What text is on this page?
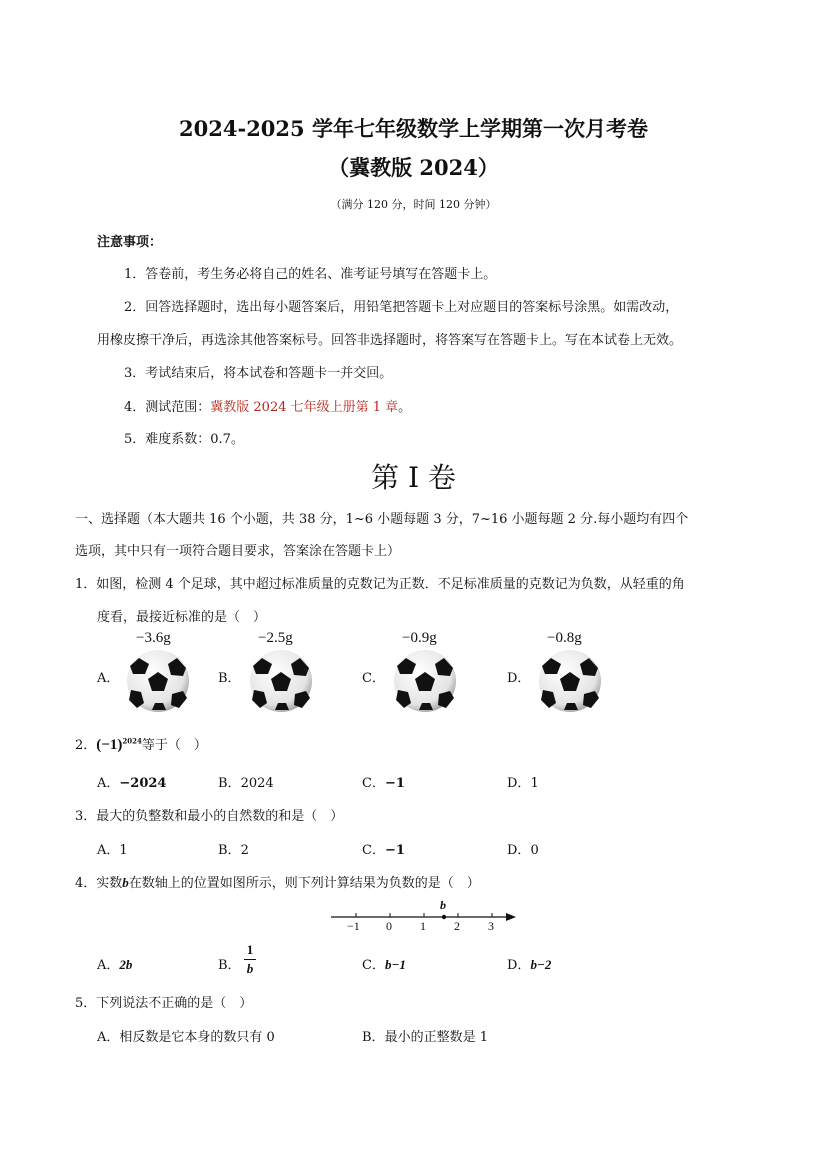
2024-2025 学年七年级数学上学期第一次月考卷
（冀教版 2024）
（满分 120 分，时间 120 分钟）
注意事项：
1．答卷前，考生务必将自己的姓名、准考证号填写在答题卡上。
2．回答选择题时，选出每小题答案后，用铅笔把答题卡上对应题目的答案标号涂黑。如需改动，
用橡皮擦干净后，再选涂其他答案标号。回答非选择题时，将答案写在答题卡上。写在本试卷上无效。
3．考试结束后，将本试卷和答题卡一并交回。
4．测试范围：冀教版 2024 七年级上册第 1 章。
5．难度系数：0.7。
第 I 卷
一、选择题（本大题共 16 个小题，共 38 分，1~6 小题每题 3 分，7~16 小题每题 2 分.每小题均有四个
选项，其中只有一项符合题目要求，答案涂在答题卡上）
1．如图，检测 4 个足球，其中超过标准质量的克数记为正数．不足标准质量的克数记为负数，从轻重的角
度看，最接近标准的是（　）
A．
−3.6g
B．
−2.5g
C．
−0.9g
D．
−0.8g
2．$(-1)^{2024}$等于（　）
A．−2024	B．2024	C．−1	D．1
3．最大的负整数和最小的自然数的和是（　）
A．1	B．2	C．−1	D．0
4．实数b在数轴上的位置如图所示，则下列计算结果为负数的是（　）
b
−1 0 1 2 3
A．2b	B．
1
b	C．b−1	D．b−2
5．下列说法不正确的是（　）
A．相反数是它本身的数只有 0	B．最小的正整数是 1
